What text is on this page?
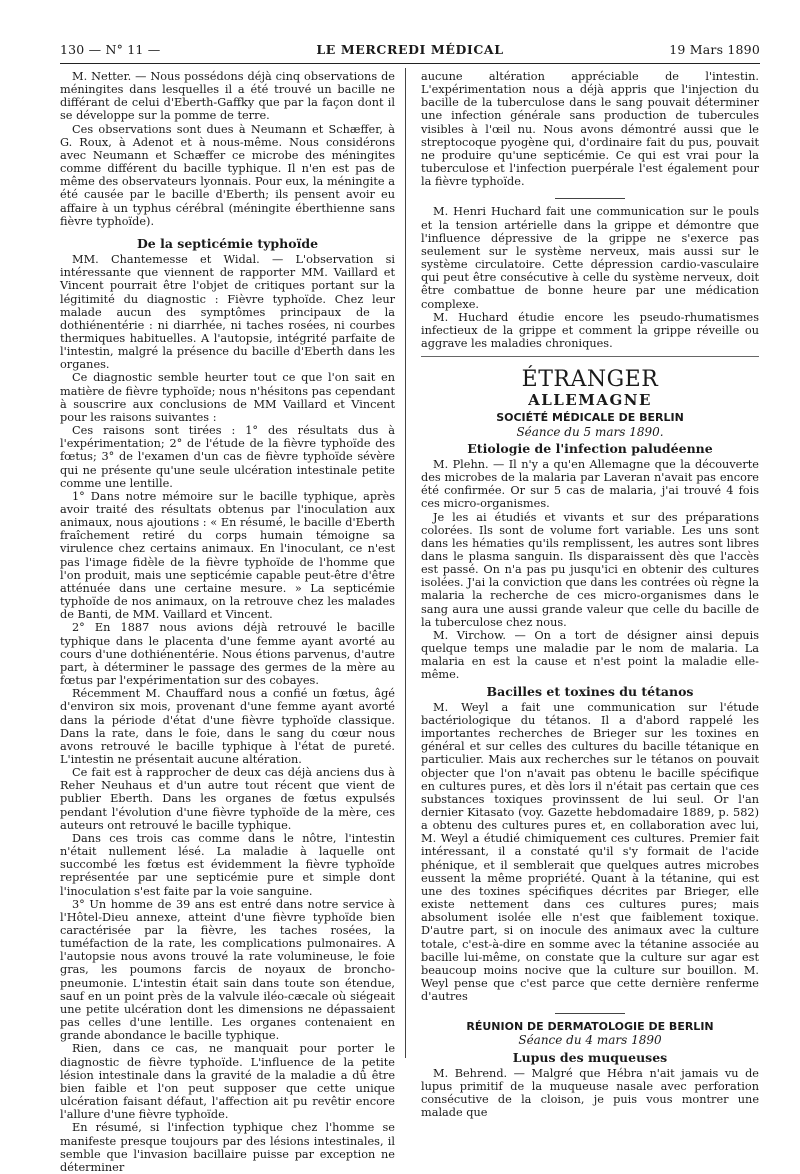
130 — N° 11 —	LE MERCREDI MÉDICAL	19 Mars 1890

M. Netter. — Nous possédons déjà cinq observations de méningites dans lesquelles il a été trouvé un bacille ne différant de celui d'Eberth-Gaffky que par la façon dont il se développe sur la pomme de terre.

Ces observations sont dues à Neumann et Schæffer, à G. Roux, à Adenot et à nous-même. Nous considérons avec Neumann et Schæffer ce microbe des méningites comme différent du bacille typhique. Il n'en est pas de même des observateurs lyonnais. Pour eux, la méningite a été causée par le bacille d'Eberth; ils pensent avoir eu affaire à un typhus cérébral (méningite éberthienne sans fièvre typhoïde).

De la septicémie typhoïde

MM. Chantemesse et Widal. — L'observation si intéressante que viennent de rapporter MM. Vaillard et Vincent pourrait être l'objet de critiques portant sur la légitimité du diagnostic : Fièvre typhoïde. Chez leur malade aucun des symptômes principaux de la dothiénentérie : ni diarrhée, ni taches rosées, ni courbes thermiques habituelles. A l'autopsie, intégrité parfaite de l'intestin, malgré la présence du bacille d'Eberth dans les organes.

Ce diagnostic semble heurter tout ce que l'on sait en matière de fièvre typhoïde; nous n'hésitons pas cependant à souscrire aux conclusions de MM Vaillard et Vincent pour les raisons suivantes :

Ces raisons sont tirées : 1° des résultats dus à l'expérimentation; 2° de l'étude de la fièvre typhoïde des fœtus; 3° de l'examen d'un cas de fièvre typhoïde sévère qui ne présente qu'une seule ulcération intestinale petite comme une lentille.

1° Dans notre mémoire sur le bacille typhique, après avoir traité des résultats obtenus par l'inoculation aux animaux, nous ajoutions : « En résumé, le bacille d'Eberth fraîchement retiré du corps humain témoigne sa virulence chez certains animaux. En l'inoculant, ce n'est pas l'image fidèle de la fièvre typhoïde de l'homme que l'on produit, mais une septicémie capable peut-être d'être atténuée dans une certaine mesure. » La septicémie typhoïde de nos animaux, on la retrouve chez les malades de Banti, de MM. Vaillard et Vincent.

2° En 1887 nous avions déjà retrouvé le bacille typhique dans le placenta d'une femme ayant avorté au cours d'une dothiénentérie. Nous étions parvenus, d'autre part, à déterminer le passage des germes de la mère au fœtus par l'expérimentation sur des cobayes.

Récemment M. Chauffard nous a confié un fœtus, âgé d'environ six mois, provenant d'une femme ayant avorté dans la période d'état d'une fièvre typhoïde classique. Dans la rate, dans le foie, dans le sang du cœur nous avons retrouvé le bacille typhique à l'état de pureté. L'intestin ne présentait aucune altération.

Ce fait est à rapprocher de deux cas déjà anciens dus à Reher Neuhaus et d'un autre tout récent que vient de publier Eberth. Dans les organes de fœtus expulsés pendant l'évolution d'une fièvre typhoïde de la mère, ces auteurs ont retrouvé le bacille typhique.

Dans ces trois cas comme dans le nôtre, l'intestin n'était nullement lésé. La maladie à laquelle ont succombé les fœtus est évidemment la fièvre typhoïde représentée par une septicémie pure et simple dont l'inoculation s'est faite par la voie sanguine.

3° Un homme de 39 ans est entré dans notre service à l'Hôtel-Dieu annexe, atteint d'une fièvre typhoïde bien caractérisée par la fièvre, les taches rosées, la tuméfaction de la rate, les complications pulmonaires. A l'autopsie nous avons trouvé la rate volumineuse, le foie gras, les poumons farcis de noyaux de broncho-pneumonie. L'intestin était sain dans toute son étendue, sauf en un point près de la valvule iléo-cæcale où siégeait une petite ulcération dont les dimensions ne dépassaient pas celles d'une lentille. Les organes contenaient en grande abondance le bacille typhique.

Rien, dans ce cas, ne manquait pour porter le diagnostic de fièvre typhoïde. L'influence de la petite lésion intestinale dans la gravité de la maladie a dû être bien faible et l'on peut supposer que cette unique ulcération faisant défaut, l'affection ait pu revêtir encore l'allure d'une fièvre typhoïde.

En résumé, si l'infection typhique chez l'homme se manifeste presque toujours par des lésions intestinales, il semble que l'invasion bacillaire puisse par exception ne déterminer

aucune altération appréciable de l'intestin. L'expérimentation nous a déjà appris que l'injection du bacille de la tuberculose dans le sang pouvait déterminer une infection générale sans production de tubercules visibles à l'œil nu. Nous avons démontré aussi que le streptocoque pyogène qui, d'ordinaire fait du pus, pouvait ne produire qu'une septicémie. Ce qui est vrai pour la tuberculose et l'infection puerpérale l'est également pour la fièvre typhoïde.

M. Henri Huchard fait une communication sur le pouls et la tension artérielle dans la grippe et démontre que l'influence dépressive de la grippe ne s'exerce pas seulement sur le système nerveux, mais aussi sur le système circulatoire. Cette dépression cardio-vasculaire qui peut être consécutive à celle du système nerveux, doit être combattue de bonne heure par une médication complexe.

M. Huchard étudie encore les pseudo-rhumatismes infectieux de la grippe et comment la grippe réveille ou aggrave les maladies chroniques.

ÉTRANGER
ALLEMAGNE
SOCIÉTÉ MÉDICALE DE BERLIN
Séance du 5 mars 1890.
Etiologie de l'infection paludéenne

M. Plehn. — Il n'y a qu'en Allemagne que la découverte des microbes de la malaria par Laveran n'avait pas encore été confirmée. Or sur 5 cas de malaria, j'ai trouvé 4 fois ces micro-organismes.

Je les ai étudiés et vivants et sur des préparations colorées. Ils sont de volume fort variable. Les uns sont dans les hématies qu'ils remplissent, les autres sont libres dans le plasma sanguin. Ils disparaissent dès que l'accès est passé. On n'a pas pu jusqu'ici en obtenir des cultures isolées. J'ai la conviction que dans les contrées où règne la malaria la recherche de ces micro-organismes dans le sang aura une aussi grande valeur que celle du bacille de la tuberculose chez nous.

M. Virchow. — On a tort de désigner ainsi depuis quelque temps une maladie par le nom de malaria. La malaria en est la cause et n'est point la maladie elle-même.

Bacilles et toxines du tétanos

M. Weyl a fait une communication sur l'étude bactériologique du tétanos. Il a d'abord rappelé les importantes recherches de Brieger sur les toxines en général et sur celles des cultures du bacille tétanique en particulier. Mais aux recherches sur le tétanos on pouvait objecter que l'on n'avait pas obtenu le bacille spécifique en cultures pures, et dès lors il n'était pas certain que ces substances toxiques provinssent de lui seul. Or l'an dernier Kitasato (voy. Gazette hebdomadaire 1889, p. 582) a obtenu des cultures pures et, en collaboration avec lui, M. Weyl a étudié chimiquement ces cultures. Premier fait intéressant, il a constaté qu'il s'y formait de l'acide phénique, et il semblerait que quelques autres microbes eussent la même propriété. Quant à la tétanine, qui est une des toxines spécifiques décrites par Brieger, elle existe nettement dans ces cultures pures; mais absolument isolée elle n'est que faiblement toxique. D'autre part, si on inocule des animaux avec la culture totale, c'est-à-dire en somme avec la tétanine associée au bacille lui-même, on constate que la culture sur agar est beaucoup moins nocive que la culture sur bouillon. M. Weyl pense que c'est parce que cette dernière renferme d'autres

RÉUNION DE DERMATOLOGIE DE BERLIN
Séance du 4 mars 1890
Lupus des muqueuses

M. Behrend. — Malgré que Hébra n'ait jamais vu de lupus primitif de la muqueuse nasale avec perforation consécutive de la cloison, je puis vous montrer une malade que
